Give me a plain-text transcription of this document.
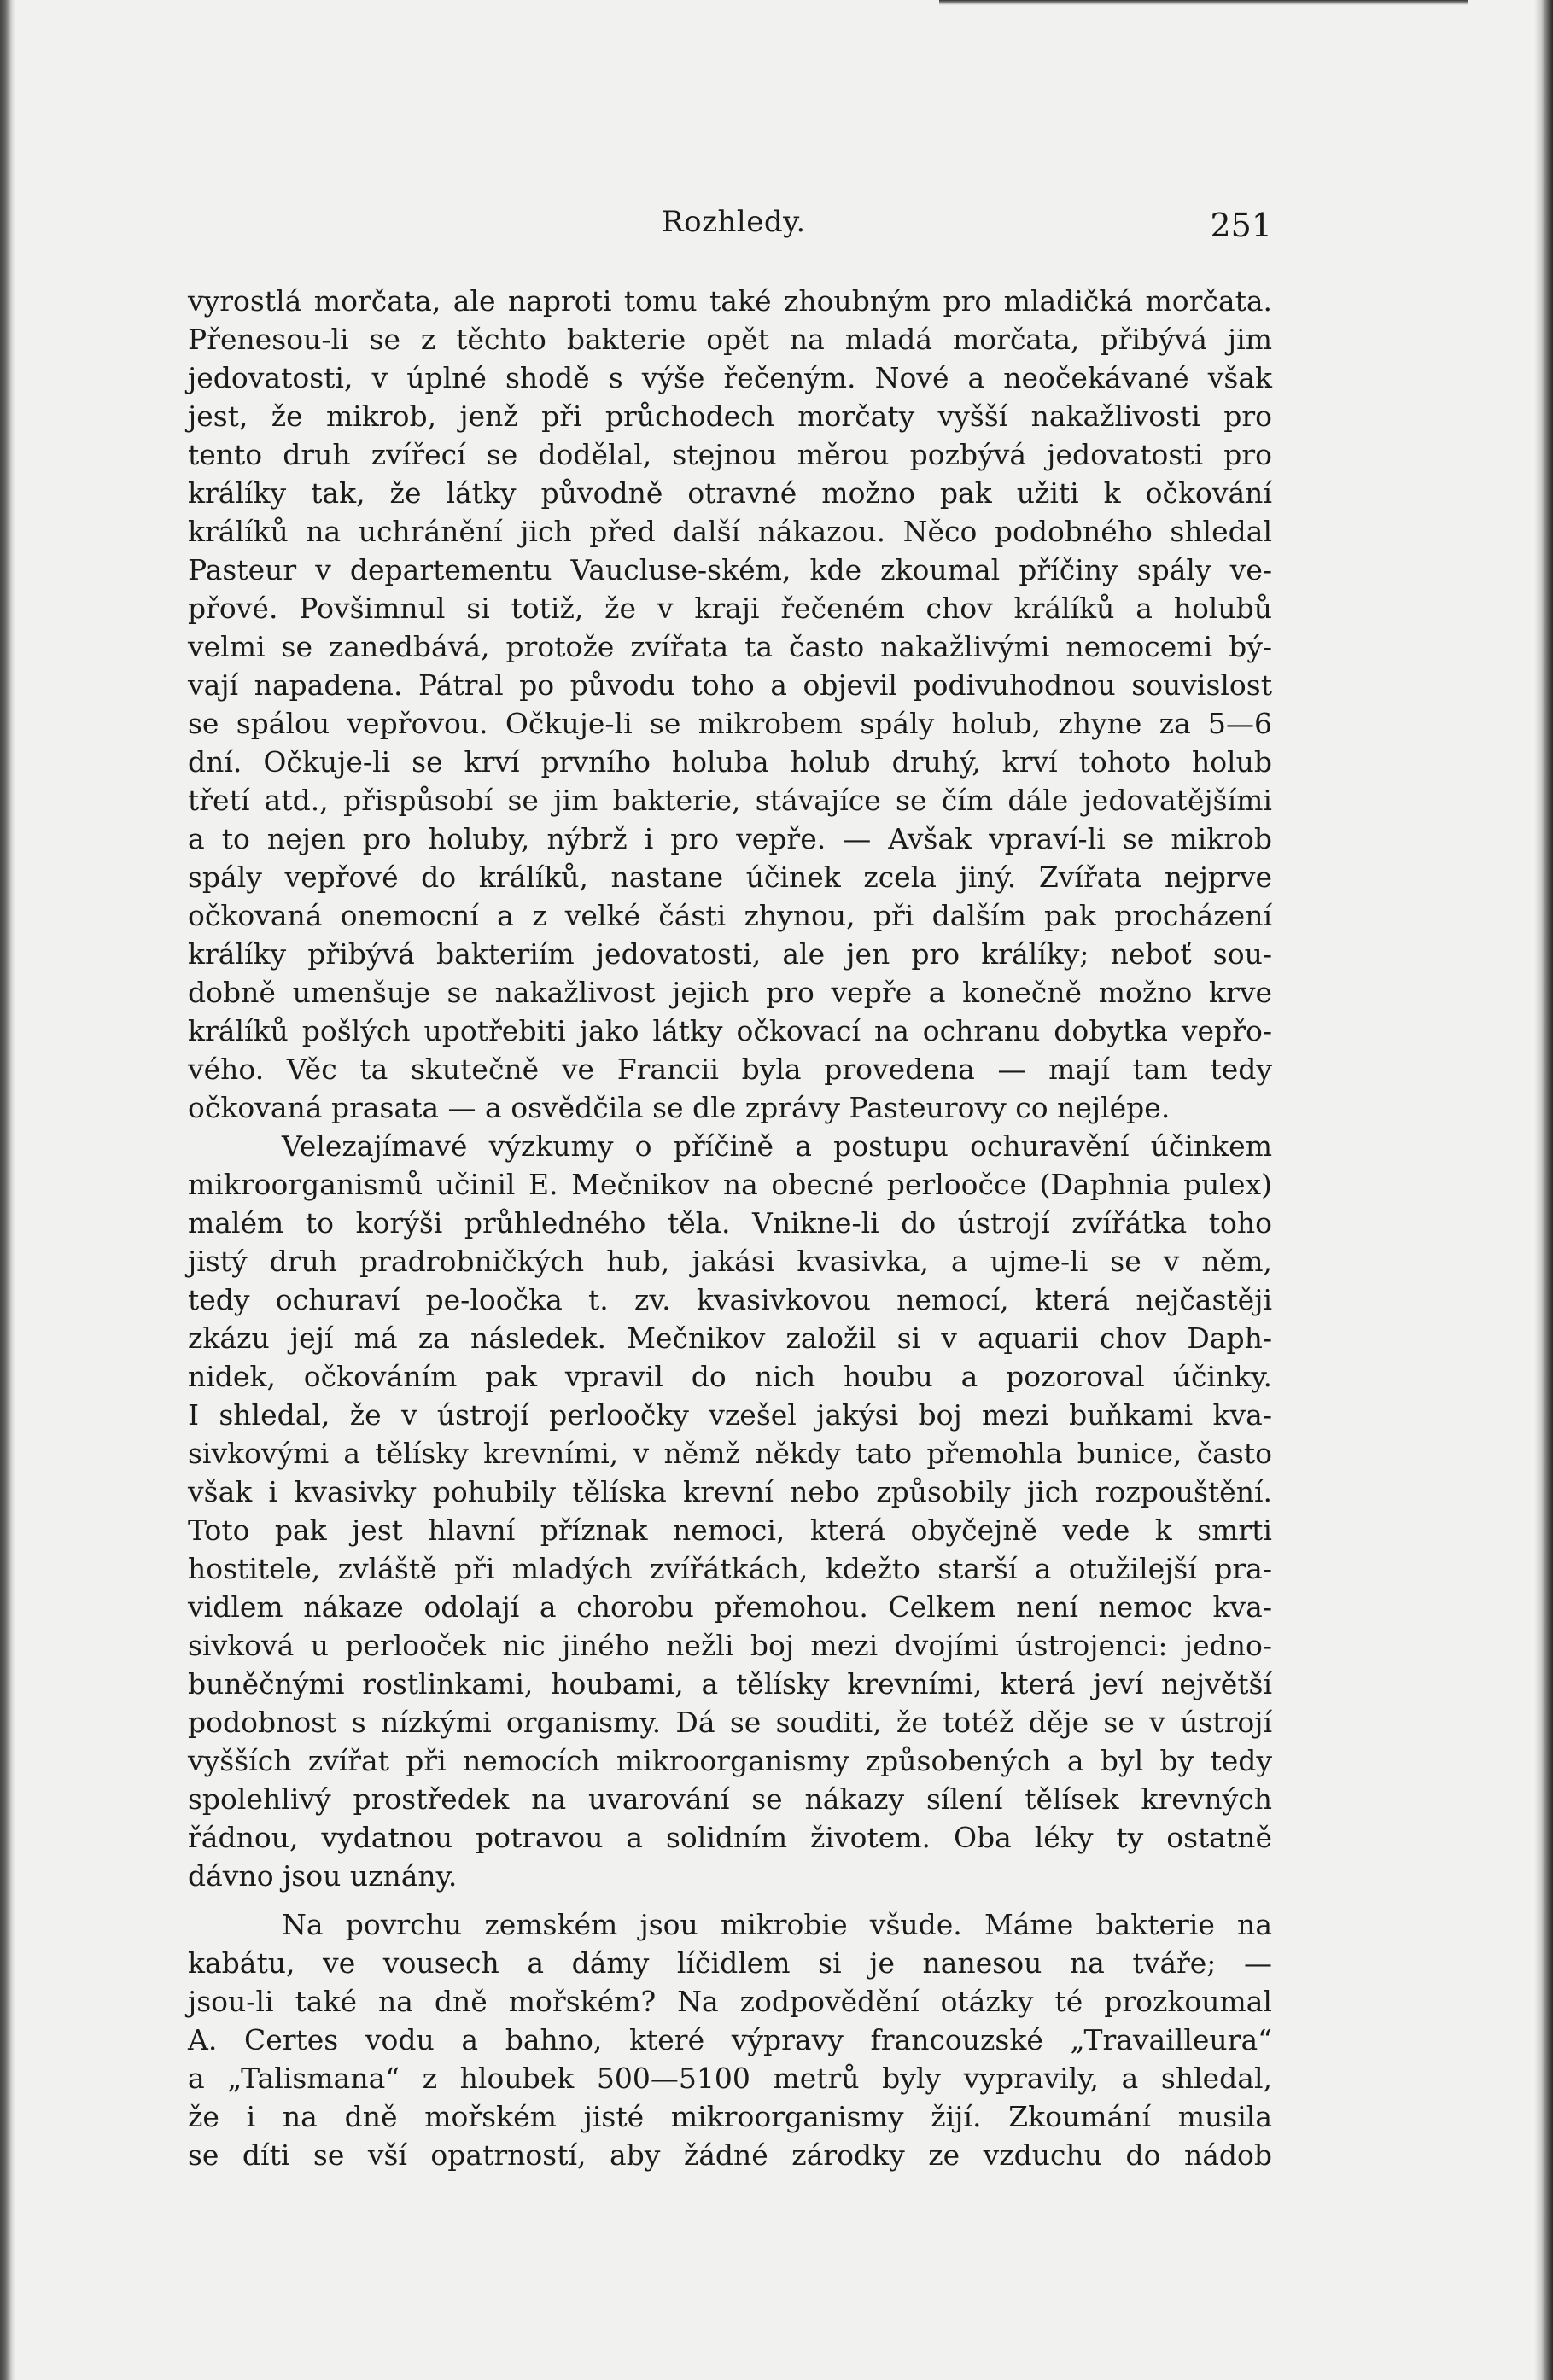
Rozhledy.	251
vyrostlá morčata, ale naproti tomu také zhoubným pro mladičká morčata.
Přenesou-li se z těchto bakterie opět na mladá morčata, přibývá jim
jedovatosti, v úplné shodě s výše řečeným. Nové a neočekávané však
jest, že mikrob, jenž při průchodech morčaty vyšší nakažlivosti pro
tento druh zvířecí se dodělal, stejnou měrou pozbývá jedovatosti pro
králíky tak, že látky původně otravné možno pak užiti k očkování
králíků na uchránění jich před další nákazou. Něco podobného shledal
Pasteur v departementu Vaucluse-ském, kde zkoumal příčiny spály ve-
přové. Povšimnul si totiž, že v kraji řečeném chov králíků a holubů
velmi se zanedbává, protože zvířata ta často nakažlivými nemocemi bý-
vají napadena. Pátral po původu toho a objevil podivuhodnou souvislost
se spálou vepřovou. Očkuje-li se mikrobem spály holub, zhyne za 5—6
dní. Očkuje-li se krví prvního holuba holub druhý, krví tohoto holub
třetí atd., přispůsobí se jim bakterie, stávajíce se čím dále jedovatějšími
a to nejen pro holuby, nýbrž i pro vepře. — Avšak vpraví-li se mikrob
spály vepřové do králíků, nastane účinek zcela jiný. Zvířata nejprve
očkovaná onemocní a z velké části zhynou, při dalším pak procházení
králíky přibývá bakteriím jedovatosti, ale jen pro králíky; neboť sou-
dobně umenšuje se nakažlivost jejich pro vepře a konečně možno krve
králíků pošlých upotřebiti jako látky očkovací na ochranu dobytka vepřo-
vého. Věc ta skutečně ve Francii byla provedena — mají tam tedy
očkovaná prasata — a osvědčila se dle zprávy Pasteurovy co nejlépe.
Velezajímavé výzkumy o příčině a postupu ochuravění účinkem
mikroorganismů učinil E. Mečnikov na obecné perloočce (Daphnia pulex)
malém to korýši průhledného těla. Vnikne-li do ústrojí zvířátka toho
jistý druh pradrobničkých hub, jakási kvasivka, a ujme-li se v něm,
tedy ochuraví pe-loočka t. zv. kvasivkovou nemocí, která nejčastěji
zkázu její má za následek. Mečnikov založil si v aquarii chov Daph-
nidek, očkováním pak vpravil do nich houbu a pozoroval účinky.
I shledal, že v ústrojí perloočky vzešel jakýsi boj mezi buňkami kva-
sivkovými a tělísky krevními, v němž někdy tato přemohla bunice, často
však i kvasivky pohubily tělíska krevní nebo způsobily jich rozpouštění.
Toto pak jest hlavní příznak nemoci, která obyčejně vede k smrti
hostitele, zvláště při mladých zvířátkách, kdežto starší a otužilejší pra-
vidlem nákaze odolají a chorobu přemohou. Celkem není nemoc kva-
sivková u perlooček nic jiného nežli boj mezi dvojími ústrojenci: jedno-
buněčnými rostlinkami, houbami, a tělísky krevními, která jeví největší
podobnost s nízkými organismy. Dá se souditi, že totéž děje se v ústrojí
vyšších zvířat při nemocích mikroorganismy způsobených a byl by tedy
spolehlivý prostředek na uvarování se nákazy sílení tělísek krevných
řádnou, vydatnou potravou a solidním životem. Oba léky ty ostatně
dávno jsou uznány.
Na povrchu zemském jsou mikrobie všude. Máme bakterie na
kabátu, ve vousech a dámy líčidlem si je nanesou na tváře; —
jsou-li také na dně mořském? Na zodpovědění otázky té prozkoumal
A. Certes vodu a bahno, které výpravy francouzské „Travailleura“
a „Talismana“ z hloubek 500—5100 metrů byly vypravily, a shledal,
že i na dně mořském jisté mikroorganismy žijí. Zkoumání musila
se díti se vší opatrností, aby žádné zárodky ze vzduchu do nádob
